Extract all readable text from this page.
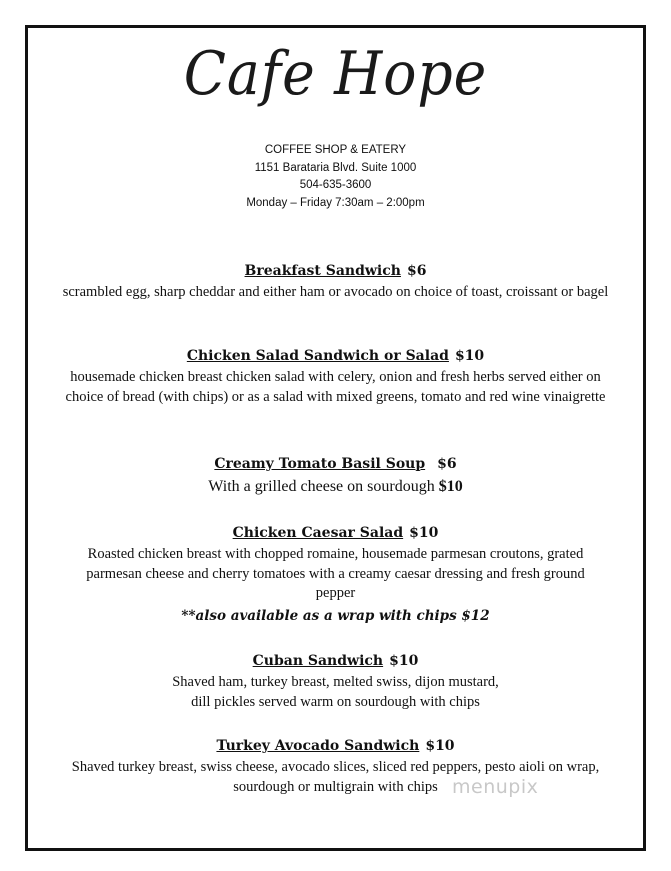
Cafe Hope
COFFEE SHOP & EATERY
1151 Barataria Blvd. Suite 1000
504-635-3600
Monday – Friday 7:30am – 2:00pm
Breakfast Sandwich $6
scrambled egg, sharp cheddar and either ham or avocado on choice of toast, croissant or bagel
Chicken Salad Sandwich or Salad $10
housemade chicken breast chicken salad with celery, onion and fresh herbs served either on choice of bread (with chips) or as a salad with mixed greens, tomato and red wine vinaigrette
Creamy Tomato Basil Soup $6
With a grilled cheese on sourdough $10
Chicken Caesar Salad $10
Roasted chicken breast with chopped romaine, housemade parmesan croutons, grated parmesan cheese and cherry tomatoes with a creamy caesar dressing and fresh ground pepper
**also available as a wrap with chips $12
Cuban Sandwich $10
Shaved ham, turkey breast, melted swiss, dijon mustard,
dill pickles served warm on sourdough with chips
Turkey Avocado Sandwich $10
Shaved turkey breast, swiss cheese, avocado slices, sliced red peppers, pesto aioli on wrap, sourdough or multigrain with chips menupix
